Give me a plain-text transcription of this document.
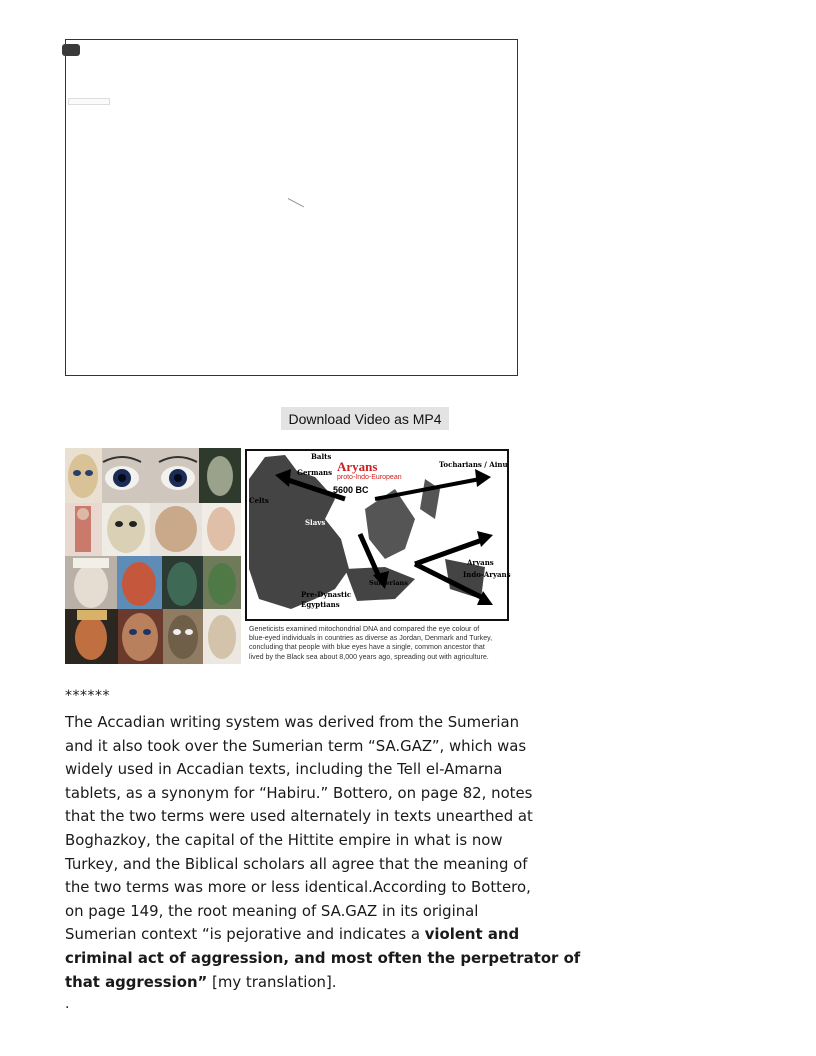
Download Video as MP4
Balts
Germans Aryans
proto-Indo-European
5600 BC
Tocharians / Ainu
Celts
Slavs
Aryans
Indo-Aryans
Sumerians
Pre-Dynastic
Egyptians
Geneticists examined mitochondrial DNA and compared the eye colour of
blue-eyed individuals in countries as diverse as Jordan, Denmark and Turkey,
concluding that people with blue eyes have a single, common ancestor that
lived by the Black sea about 8,000 years ago, spreading out with agriculture.
******
The Accadian writing system was derived from the Sumerian
and it also took over the Sumerian term “SA.GAZ”, which was
widely used in Accadian texts, including the Tell el-Amarna
tablets, as a synonym for “Habiru.” Bottero, on page 82, notes
that the two terms were used alternately in texts unearthed at
Boghazkoy, the capital of the Hittite empire in what is now
Turkey, and the Biblical scholars all agree that the meaning of
the two terms was more or less identical.According to Bottero,
on page 149, the root meaning of SA.GAZ in its original
Sumerian context “is pejorative and indicates a violent and
criminal act of aggression, and most often the perpetrator of
that aggression” [my translation].
.
